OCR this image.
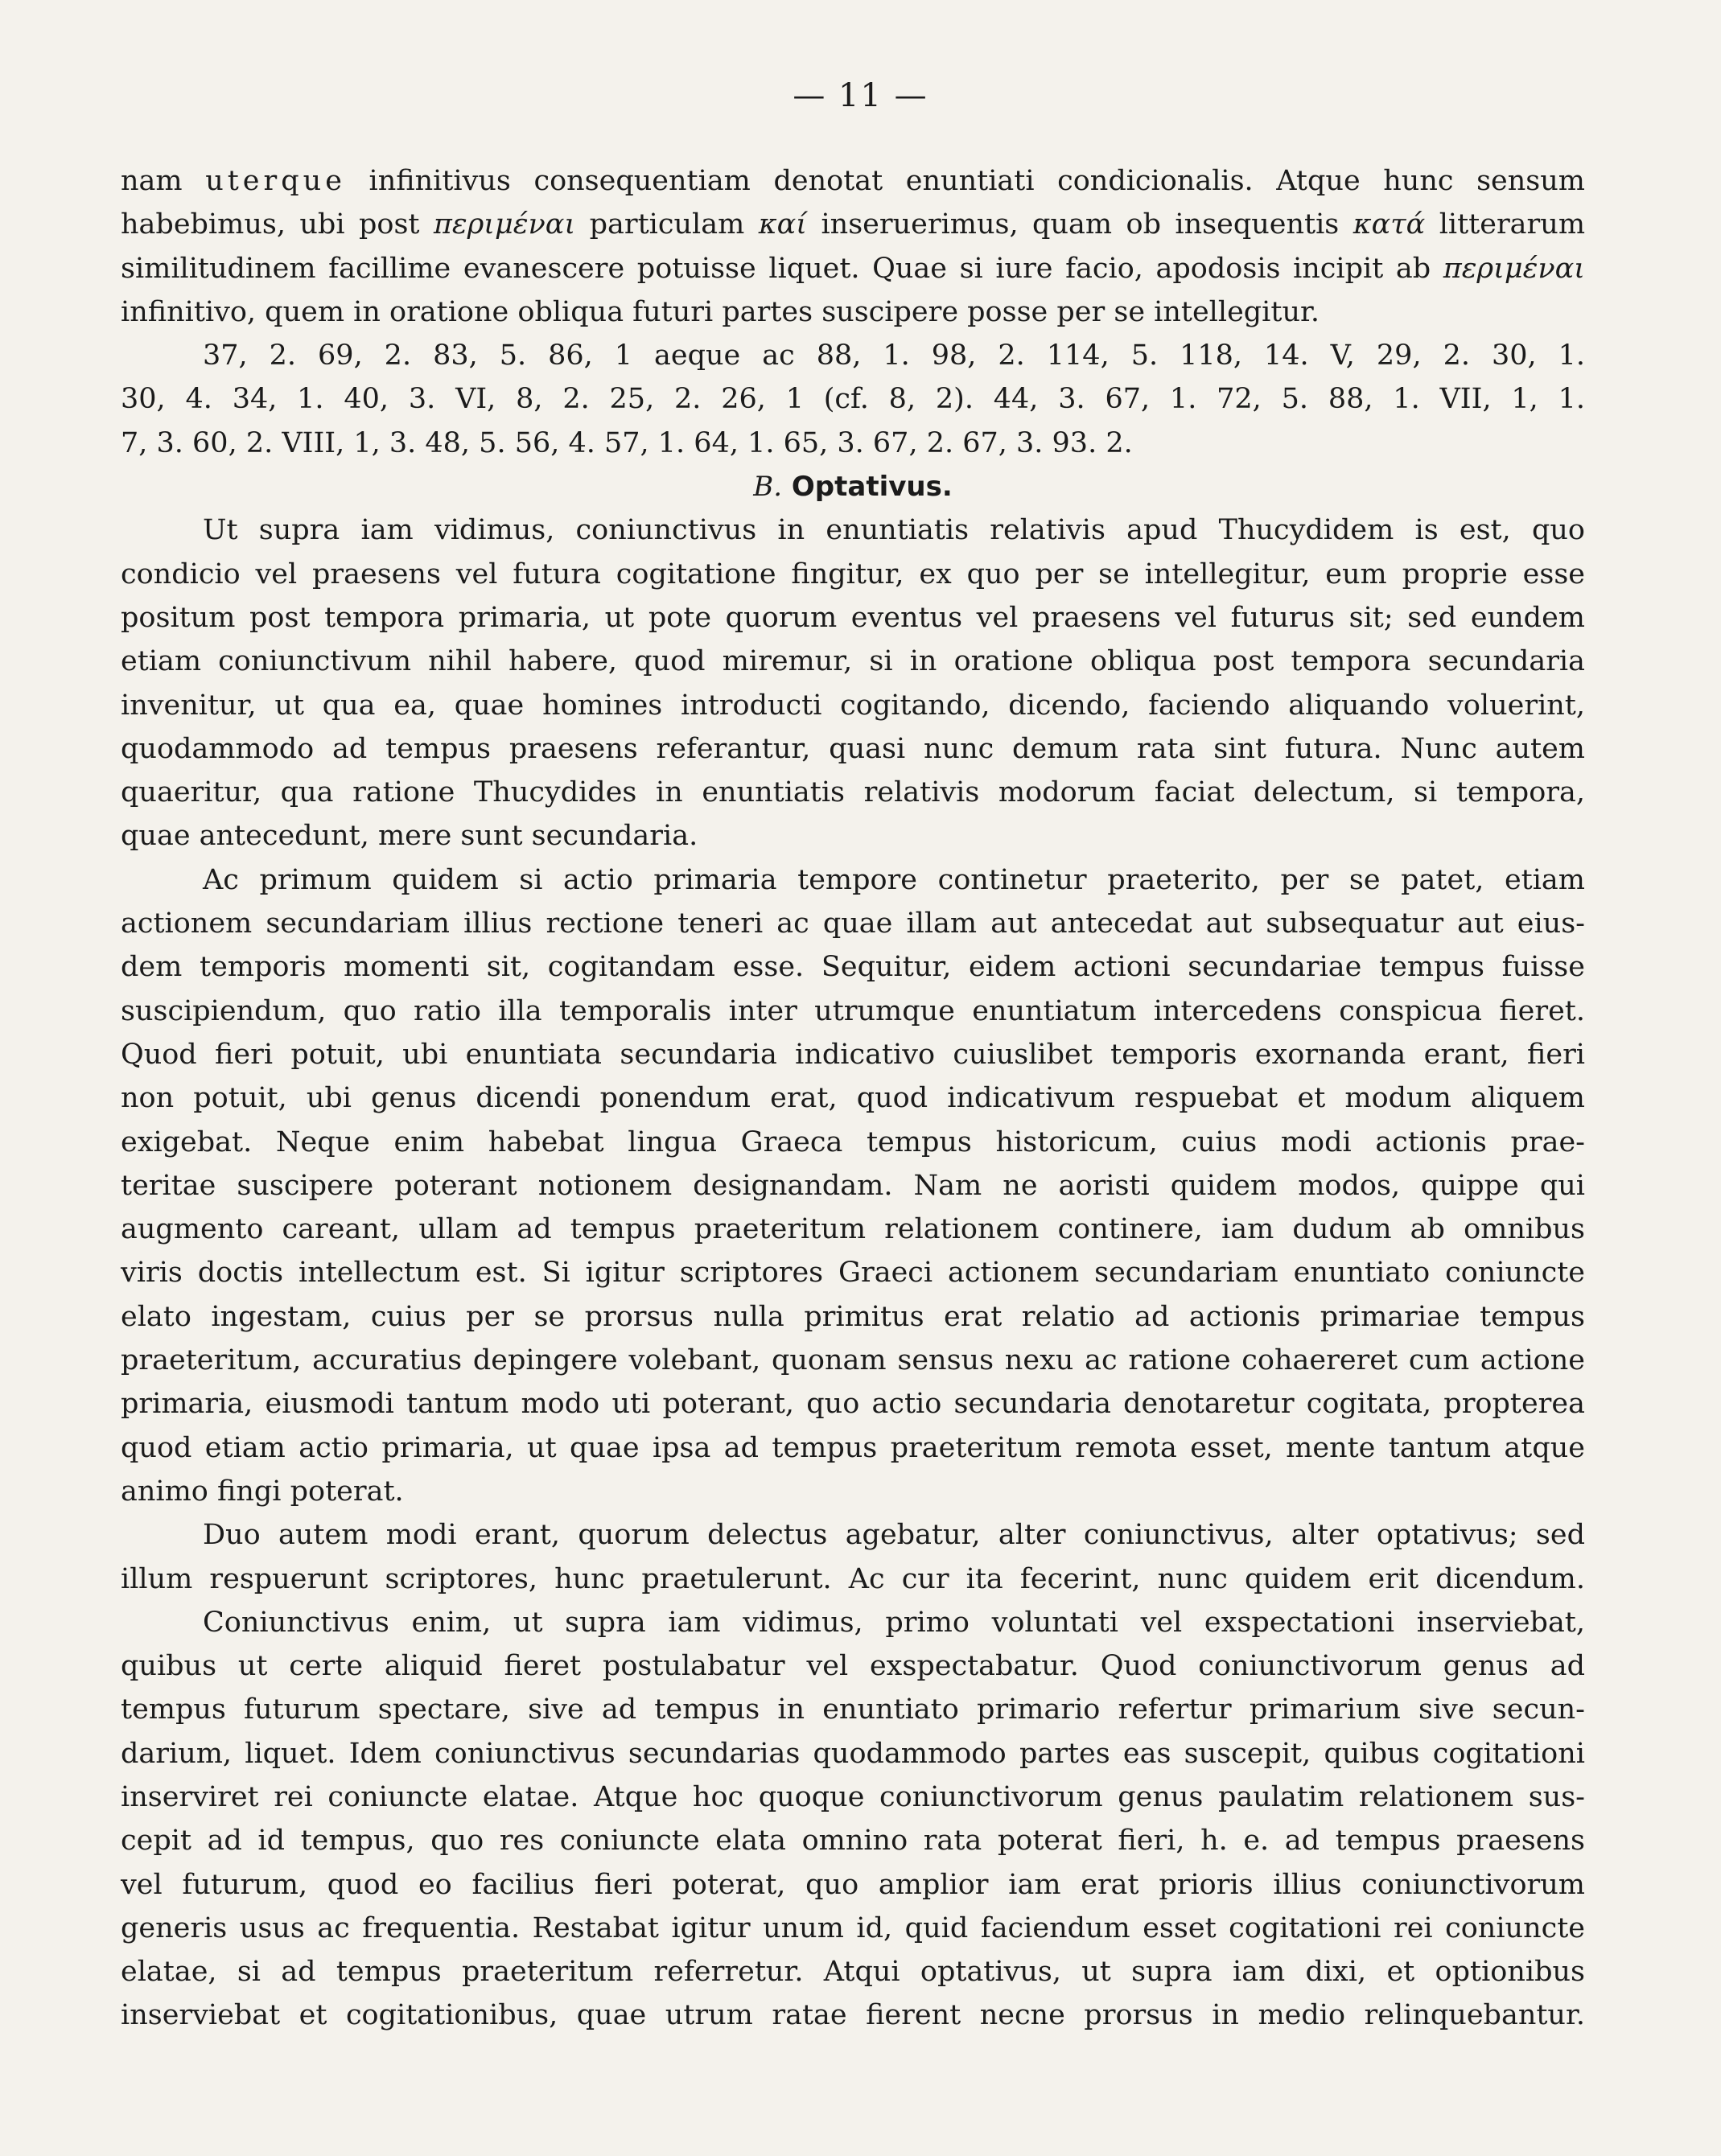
— 11 —
nam uterque infinitivus consequentiam denotat enuntiati condicionalis. Atque hunc sensum
habebimus, ubi post περιμέναι particulam καί inseruerimus, quam ob insequentis κατά litterarum
similitudinem facillime evanescere potuisse liquet. Quae si iure facio, apodosis incipit ab περιμέναι
infinitivo, quem in oratione obliqua futuri partes suscipere posse per se intellegitur.
37, 2. 69, 2. 83, 5. 86, 1 aeque ac 88, 1. 98, 2. 114, 5. 118, 14. V, 29, 2. 30, 1.
30, 4. 34, 1. 40, 3. VI, 8, 2. 25, 2. 26, 1 (cf. 8, 2). 44, 3. 67, 1. 72, 5. 88, 1. VII, 1, 1.
7, 3. 60, 2. VIII, 1, 3. 48, 5. 56, 4. 57, 1. 64, 1. 65, 3. 67, 2. 67, 3. 93. 2.
B. Optativus.
Ut supra iam vidimus, coniunctivus in enuntiatis relativis apud Thucydidem is est, quo
condicio vel praesens vel futura cogitatione fingitur, ex quo per se intellegitur, eum proprie esse
positum post tempora primaria, ut pote quorum eventus vel praesens vel futurus sit; sed eundem
etiam coniunctivum nihil habere, quod miremur, si in oratione obliqua post tempora secundaria
invenitur, ut qua ea, quae homines introducti cogitando, dicendo, faciendo aliquando voluerint,
quodammodo ad tempus praesens referantur, quasi nunc demum rata sint futura. Nunc autem
quaeritur, qua ratione Thucydides in enuntiatis relativis modorum faciat delectum, si tempora,
quae antecedunt, mere sunt secundaria.
Ac primum quidem si actio primaria tempore continetur praeterito, per se patet, etiam
actionem secundariam illius rectione teneri ac quae illam aut antecedat aut subsequatur aut eius-
dem temporis momenti sit, cogitandam esse. Sequitur, eidem actioni secundariae tempus fuisse
suscipiendum, quo ratio illa temporalis inter utrumque enuntiatum intercedens conspicua fieret.
Quod fieri potuit, ubi enuntiata secundaria indicativo cuiuslibet temporis exornanda erant, fieri
non potuit, ubi genus dicendi ponendum erat, quod indicativum respuebat et modum aliquem
exigebat. Neque enim habebat lingua Graeca tempus historicum, cuius modi actionis prae-
teritae suscipere poterant notionem designandam. Nam ne aoristi quidem modos, quippe qui
augmento careant, ullam ad tempus praeteritum relationem continere, iam dudum ab omnibus
viris doctis intellectum est. Si igitur scriptores Graeci actionem secundariam enuntiato coniuncte
elato ingestam, cuius per se prorsus nulla primitus erat relatio ad actionis primariae tempus
praeteritum, accuratius depingere volebant, quonam sensus nexu ac ratione cohaereret cum actione
primaria, eiusmodi tantum modo uti poterant, quo actio secundaria denotaretur cogitata, propterea
quod etiam actio primaria, ut quae ipsa ad tempus praeteritum remota esset, mente tantum atque
animo fingi poterat.
Duo autem modi erant, quorum delectus agebatur, alter coniunctivus, alter optativus; sed
illum respuerunt scriptores, hunc praetulerunt. Ac cur ita fecerint, nunc quidem erit dicendum.
Coniunctivus enim, ut supra iam vidimus, primo voluntati vel exspectationi inserviebat,
quibus ut certe aliquid fieret postulabatur vel exspectabatur. Quod coniunctivorum genus ad
tempus futurum spectare, sive ad tempus in enuntiato primario refertur primarium sive secun-
darium, liquet. Idem coniunctivus secundarias quodammodo partes eas suscepit, quibus cogitationi
inserviret rei coniuncte elatae. Atque hoc quoque coniunctivorum genus paulatim relationem sus-
cepit ad id tempus, quo res coniuncte elata omnino rata poterat fieri, h. e. ad tempus praesens
vel futurum, quod eo facilius fieri poterat, quo amplior iam erat prioris illius coniunctivorum
generis usus ac frequentia. Restabat igitur unum id, quid faciendum esset cogitationi rei coniuncte
elatae, si ad tempus praeteritum referretur. Atqui optativus, ut supra iam dixi, et optionibus
inserviebat et cogitationibus, quae utrum ratae fierent necne prorsus in medio relinquebantur.
